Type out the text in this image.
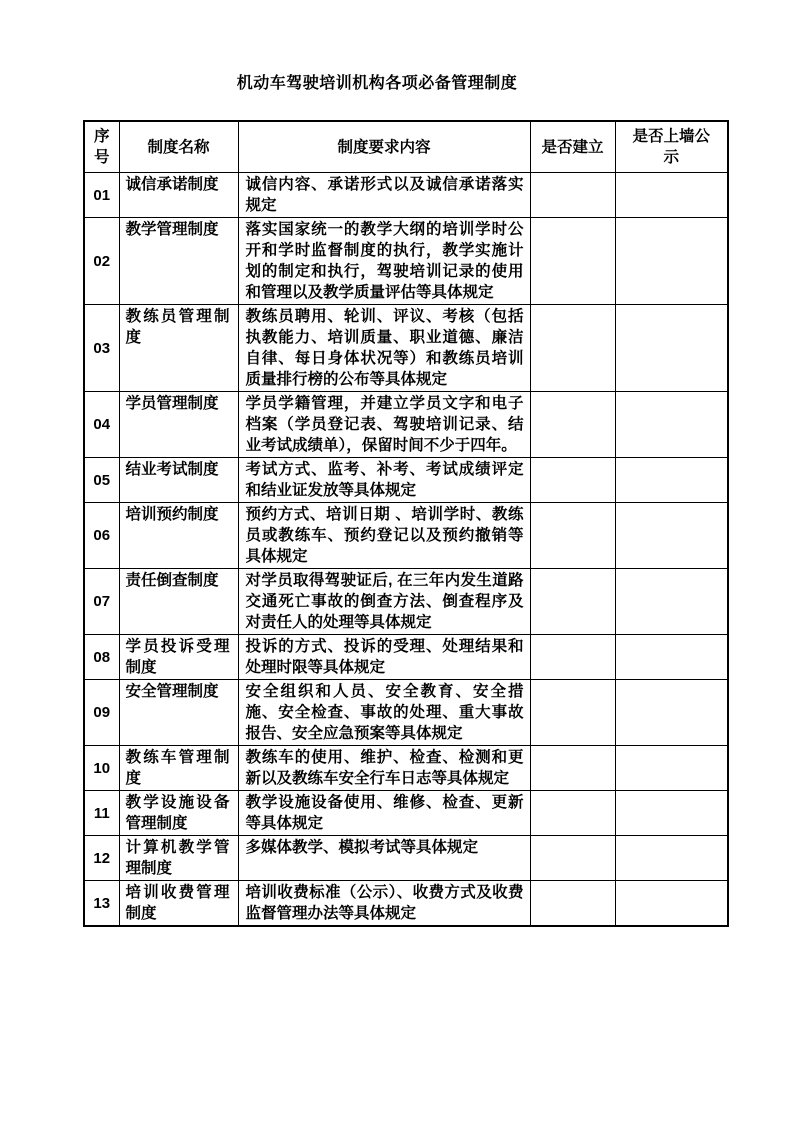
机动车驾驶培训机构各项必备管理制度
序号	制度名称	制度要求内容	是否建立	是否上墙公示
01	诚信承诺制度	诚信内容、承诺形式以及诚信承诺落实规定		
02	教学管理制度	落实国家统一的教学大纲的培训学时公开和学时监督制度的执行，教学实施计划的制定和执行，驾驶培训记录的使用和管理以及教学质量评估等具体规定		
03	教练员管理制度	教练员聘用、轮训、评议、考核（包括执教能力、培训质量、职业道德、廉洁自律、每日身体状况等）和教练员培训质量排行榜的公布等具体规定		
04	学员管理制度	学员学籍管理，并建立学员文字和电子档案（学员登记表、驾驶培训记录、结业考试成绩单），保留时间不少于四年。		
05	结业考试制度	考试方式、监考、补考、考试成绩评定和结业证发放等具体规定		
06	培训预约制度	预约方式、培训日期 、培训学时、教练员或教练车、预约登记以及预约撤销等具体规定		
07	责任倒查制度	对学员取得驾驶证后, 在三年内发生道路交通死亡事故的倒查方法、倒查程序及对责任人的处理等具体规定		
08	学员投诉受理制度	投诉的方式、投诉的受理、处理结果和处理时限等具体规定		
09	安全管理制度	安全组织和人员、安全教育、安全措施、安全检查、事故的处理、重大事故报告、安全应急预案等具体规定		
10	教练车管理制度	教练车的使用、维护、检查、检测和更新以及教练车安全行车日志等具体规定		
11	教学设施设备管理制度	教学设施设备使用、维修、检查、更新等具体规定		
12	计算机教学管理制度	多媒体教学、模拟考试等具体规定		
13	培训收费管理制度	培训收费标准（公示）、收费方式及收费监督管理办法等具体规定		
